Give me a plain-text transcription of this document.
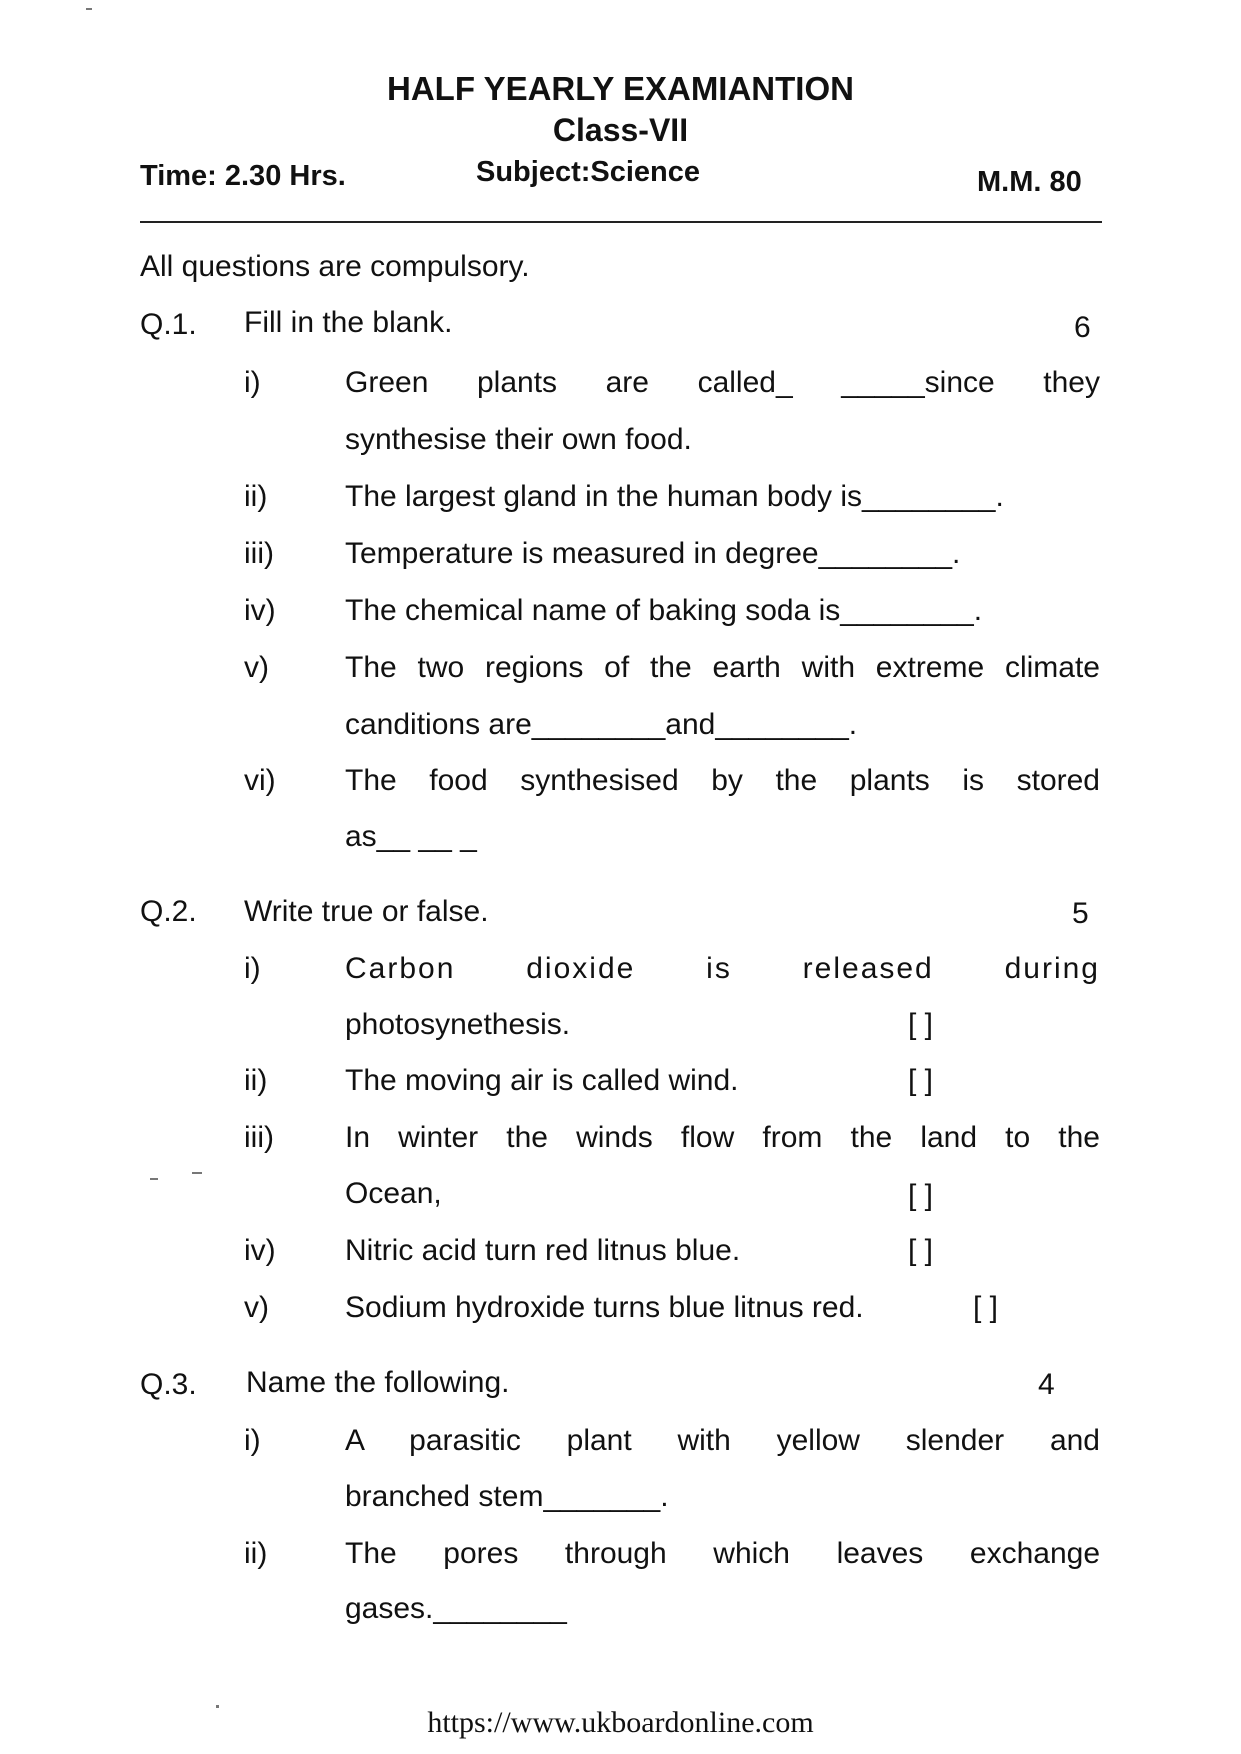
HALF YEARLY EXAMIANTION
Class-VII
Time: 2.30 Hrs.	Subject:Science	M.M. 80
All questions are compulsory.
Q.1. Fill in the blank.	6
i)	Green plants are called_ _____since they
synthesise their own food.
ii)	The largest gland in the human body is________.
iii) Temperature is measured in degree________.
iv) The chemical name of baking soda is________.
v)	The two regions of the earth with extreme climate
canditions are________and________.
vi) The food synthesised by the plants is stored
as__ __ _
Q.2. Write true or false.	5
i)	Carbon dioxide is released during
photosynethesis.	[ ]
ii)	The moving air is called wind.	[ ]
iii) In winter the winds flow from the land to the
Ocean,	[ ]
iv) Nitric acid turn red litnus blue.	[ ]
v)	Sodium hydroxide turns blue litnus red.	[ ]
Q.3. Name the following.	4
i)	A parasitic plant with yellow slender and
branched stem_______.
ii)	The pores through which leaves exchange
gases.________
https://www.ukboardonline.com
